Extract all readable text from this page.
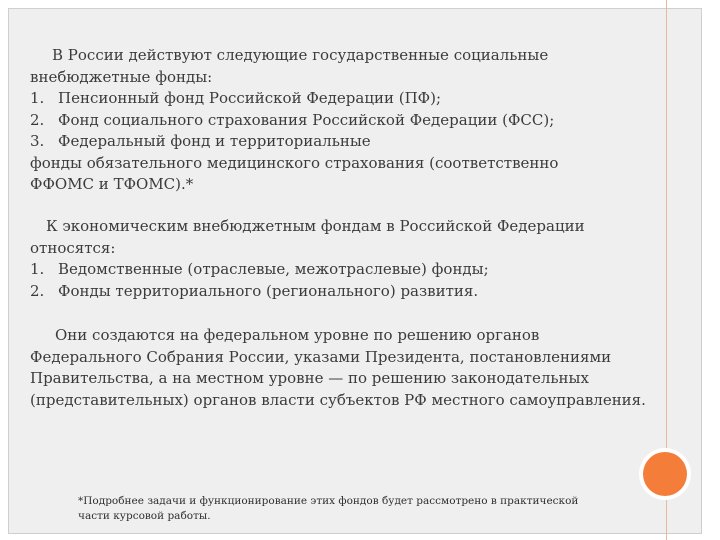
В России действуют следующие государственные социальные
внебюджетные фонды:
1. Пенсионный фонд Российской Федерации (ПФ);
2. Фонд социального страхования Российской Федерации (ФСС);
3. Федеральный фонд и территориальные
фонды обязательного медицинского страхования (соответственно
ФФОМС и ТФОМС).*
К экономическим внебюджетным фондам в Российской Федерации
относятся:
1. Ведомственные (отраслевые, межотраслевые) фонды;
2. Фонды территориального (регионального) развития.
Они создаются на федеральном уровне по решению органов
Федерального Собрания России, указами Президента, постановлениями
Правительства, а на местном уровне — по решению законодательных
(представительных) органов власти субъектов РФ местного самоуправления.
*Подробнее задачи и функционирование этих фондов будет рассмотрено в практической
части курсовой работы.
